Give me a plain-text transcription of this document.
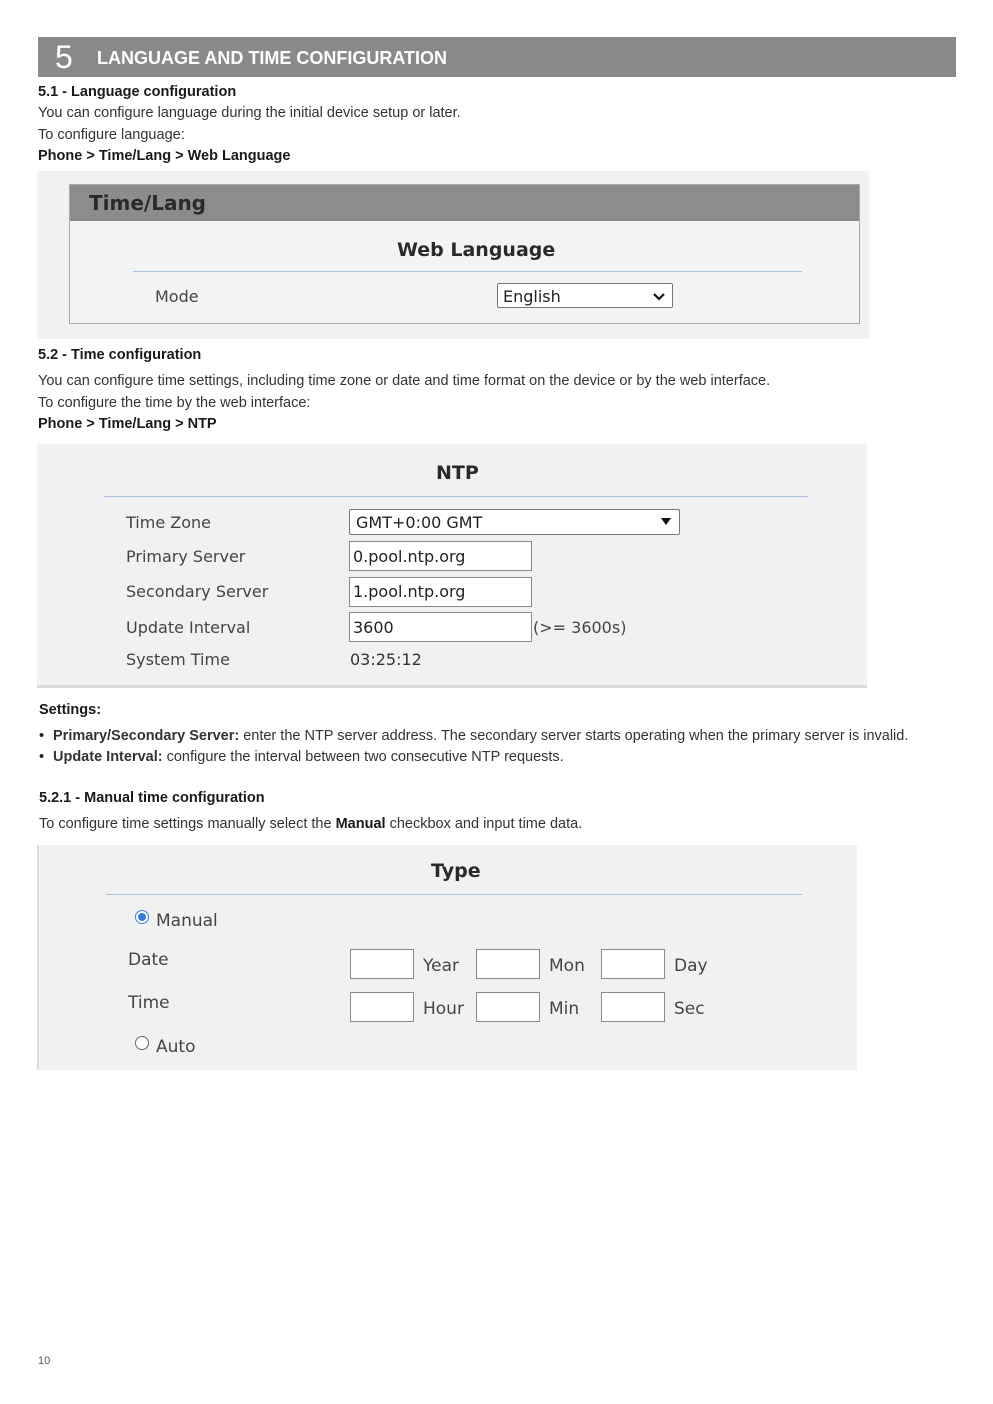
5 LANGUAGE AND TIME CONFIGURATION
5.1 - Language configuration
You can configure language during the initial device setup or later.
To configure language:
Phone > Time/Lang > Web Language
Time/Lang
Web Language
Mode	English
5.2 - Time configuration
You can configure time settings, including time zone or date and time format on the device or by the web interface.
To configure the time by the web interface:
Phone > Time/Lang > NTP
NTP
Time Zone	GMT+0:00 GMT
Primary Server	0.pool.ntp.org
Secondary Server	1.pool.ntp.org
Update Interval	3600	(>= 3600s)
System Time	03:25:12
Settings:
• Primary/Secondary Server: enter the NTP server address. The secondary server starts operating when the primary server is invalid.
• Update Interval: configure the interval between two consecutive NTP requests.
5.2.1 - Manual time configuration
To configure time settings manually select the Manual checkbox and input time data.
Type
Manual
Date	Year	Mon	Day
Time	Hour	Min	Sec
Auto
10
